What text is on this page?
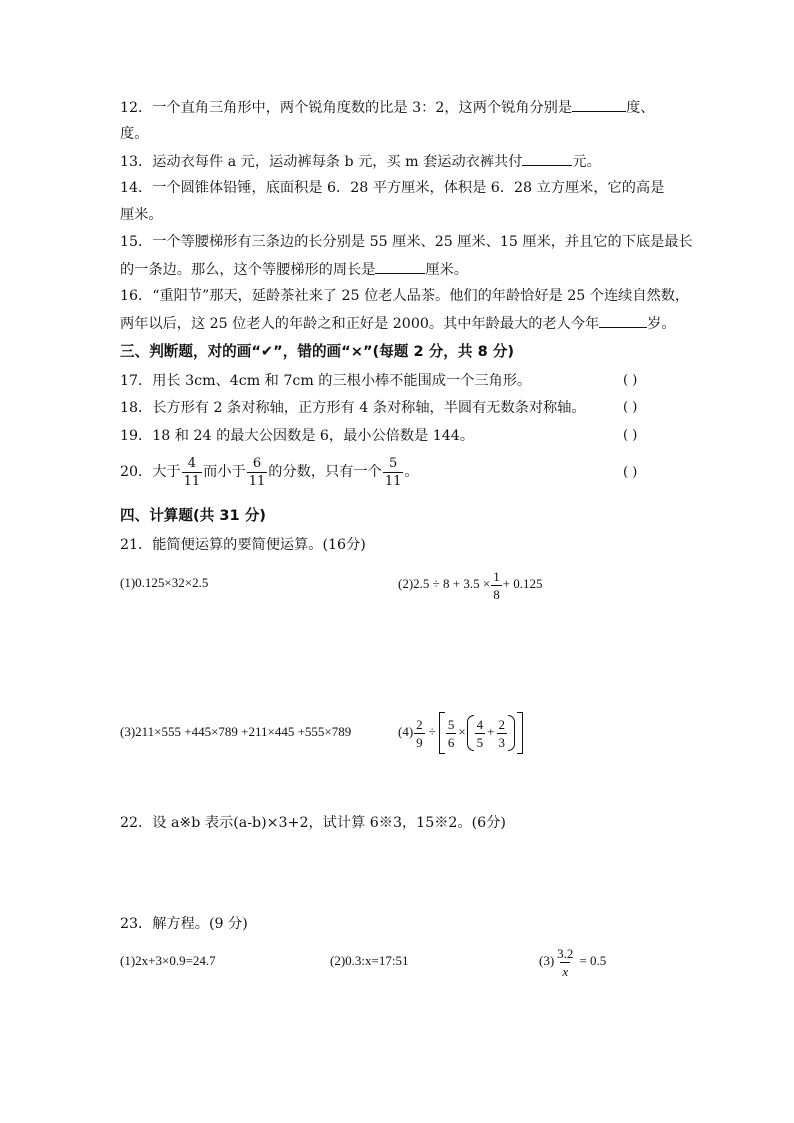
12．一个直角三角形中，两个锐角度数的比是 3：2，这两个锐角分别是	度、
度。
13．运动衣每件 a 元，运动裤每条 b 元，买 m 套运动衣裤共付	元。
14．一个圆锥体铅锤，底面积是 6．28 平方厘米，体积是 6．28 立方厘米，它的高是
厘米。
15．一个等腰梯形有三条边的长分别是 55 厘米、25 厘米、15 厘米，并且它的下底是最长
的一条边。那么，这个等腰梯形的周长是	厘米。
16．“重阳节”那天，延龄茶社来了 25 位老人品茶。他们的年龄恰好是 25 个连续自然数，
两年以后，这 25 位老人的年龄之和正好是 2000。其中年龄最大的老人今年	岁。
三、判断题，对的画“✔”，错的画“×”(每题 2 分，共 8 分)
17．用长 3cm、4cm 和 7cm 的三根小棒不能围成一个三角形。	( )
18．长方形有 2 条对称轴，正方形有 4 条对称轴，半圆有无数条对称轴。	( )
19．18 和 24 的最大公因数是 6，最小公倍数是 144。	( )
20．大于 $\frac{4}{11}$ 而小于 $\frac{6}{11}$ 的分数，只有一个 $\frac{5}{11}$ 。	( )
四、计算题(共 31 分)
21．能简便运算的要简便运算。(16分)
(1)0.125×32×2.5	$(2)2.5 \div 8 + 3.5 \times \frac{1}{8} + 0.125$
(3)211×555 +445×789 +211×445 +555×789	$(4) \frac{2}{9} \div \frac{5}{6} \times \frac{4}{5} + \frac{2}{3}$
22．设 a※b 表示(a-b)×3+2，试计算 6※3，15※2。(6分)
23．解方程。(9 分)
(1)2x+3×0.9=24.7	(2)0.3:x=17:51	$(3) \frac{3.2}{x} = 0.5$
